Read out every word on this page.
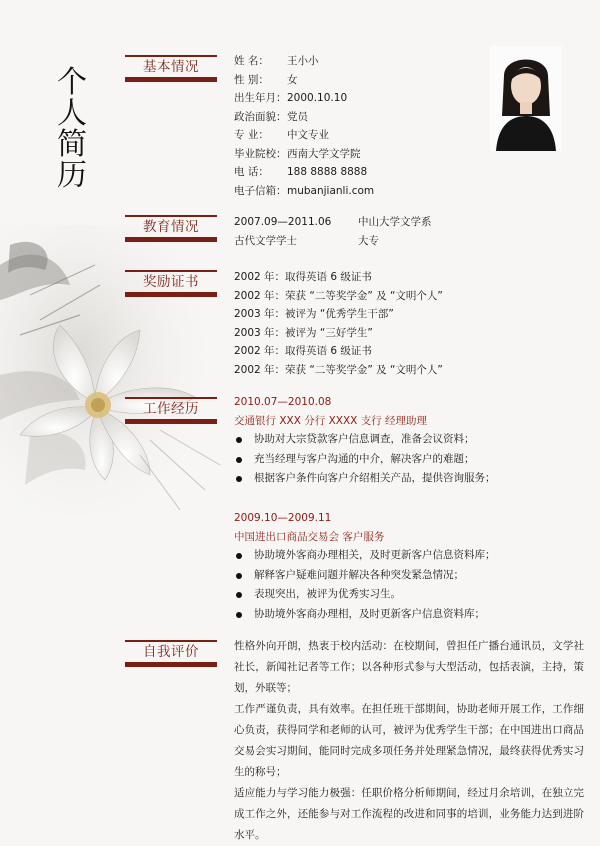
个
人
简
历
基本情况	姓 名： 王小小
性 别： 女
出生年月：2000.10.10
政治面貌：党员
专 业： 中文专业
毕业院校：西南大学文学院
电 话： 188 8888 8888
电子信箱：mubanjianli.com
教育情况	2007.09—2011.06	中山大学文学系
古代文学学士	大专
奖励证书	2002 年：取得英语 6 级证书
2002 年：荣获 “二等奖学金” 及 “文明个人”
2003 年：被评为 “优秀学生干部”
2003 年：被评为 “三好学生”
2002 年：取得英语 6 级证书
2002 年：荣获 “二等奖学金” 及 “文明个人”
工作经历	2010.07—2010.08
交通银行 XXX 分行 XXXX 支行 经理助理
协助对大宗贷款客户信息调查，准备会议资料；
充当经理与客户沟通的中介，解决客户的难题；
根据客户条件向客户介绍相关产品，提供咨询服务；
2009.10—2009.11
中国进出口商品交易会 客户服务
协助境外客商办理相关，及时更新客户信息资料库；
解释客户疑难问题并解决各种突发紧急情况；
表现突出，被评为优秀实习生。
协助境外客商办理相，及时更新客户信息资料库；
自我评价	性格外向开朗，热衷于校内活动：在校期间，曾担任广播台通讯员，文学社社长，新闻社记者等工作；以各种形式参与大型活动，包括表演，主持，策划，外联等；
工作严谨负责，具有效率。在担任班干部期间，协助老师开展工作，工作细心负责，获得同学和老师的认可，被评为优秀学生干部；在中国进出口商品交易会实习期间，能同时完成多项任务并处理紧急情况，最终获得优秀实习生的称号；
适应能力与学习能力极强：任职价格分析师期间，经过月余培训，在独立完成工作之外，还能参与对工作流程的改进和同事的培训，业务能力达到进阶水平。
